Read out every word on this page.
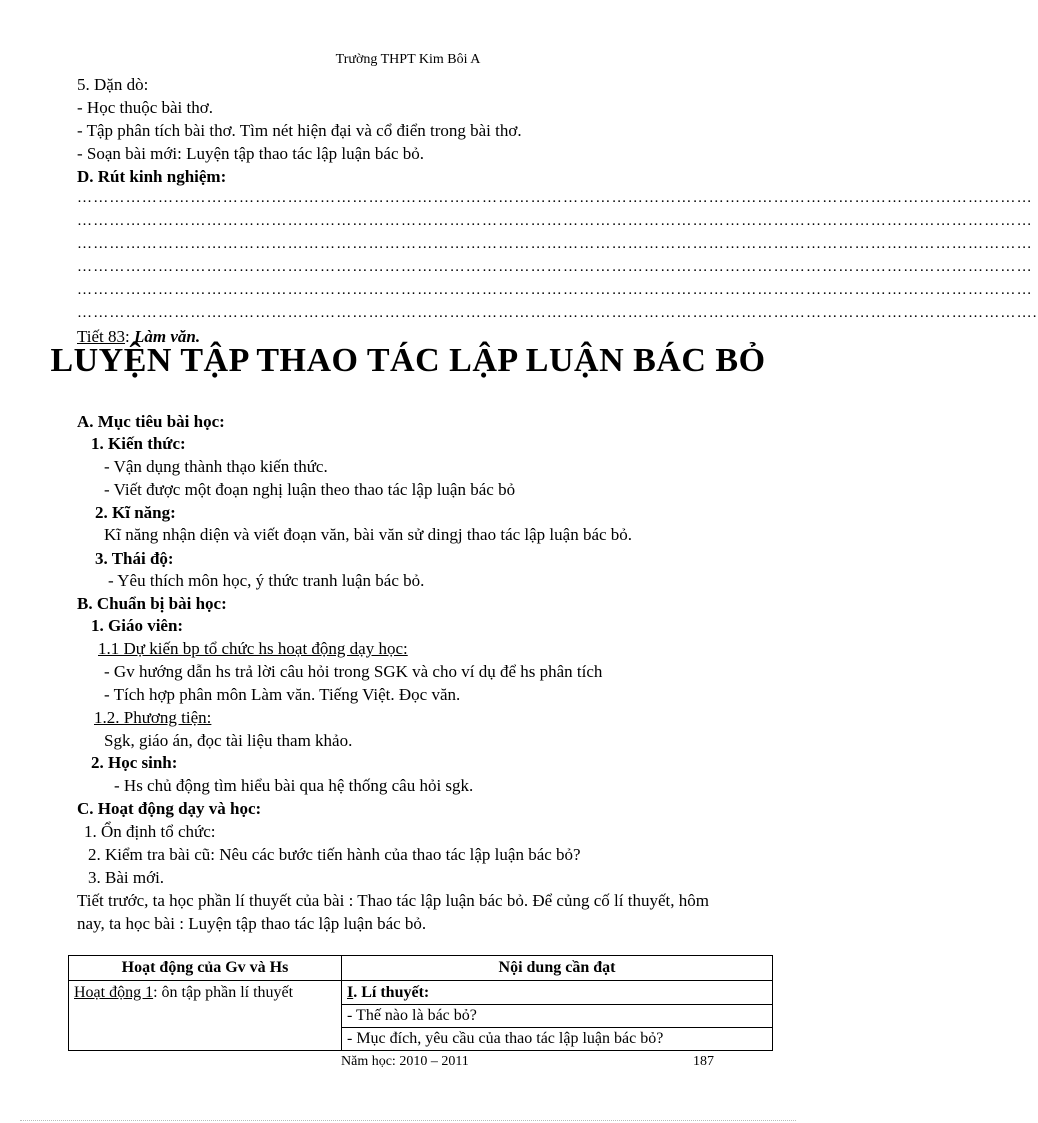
Trường THPT Kim Bôi A
5. Dặn dò:
- Học thuộc bài thơ.
- Tập phân tích bài thơ. Tìm nét hiện đại và cổ điển trong bài thơ.
- Soạn bài mới: Luyện tập thao tác lập luận bác bỏ.
D. Rút kinh nghiệm:
……………………………………………………………………………………………………………………………………………………………
……………………………………………………………………………………………………………………………………………………………
……………………………………………………………………………………………………………………………………………………………
……………………………………………………………………………………………………………………………………………………………
……………………………………………………………………………………………………………………………………………………………
…………………………………………………………………………………………………………………………………………………………….
Tiết 83: Làm văn.
LUYỆN TẬP THAO TÁC LẬP LUẬN BÁC BỎ
A. Mục tiêu bài học:
1. Kiến thức:
- Vận dụng thành thạo kiến thức.
- Viết được một đoạn nghị luận theo thao tác lập luận bác bỏ
2. Kĩ năng:
Kĩ năng nhận diện và viết đoạn văn, bài văn sử dingj thao tác lập luận bác bỏ.
3. Thái độ:
- Yêu thích môn học, ý thức tranh luận bác bỏ.
B. Chuẩn bị bài học:
1. Giáo viên:
1.1 Dự kiến bp tổ chức hs hoạt động dạy học:
- Gv hướng dẫn hs trả lời câu hỏi trong SGK và cho ví dụ để hs phân tích
- Tích hợp phân môn Làm văn. Tiếng Việt. Đọc văn.
1.2. Phương tiện:
Sgk, giáo án, đọc tài liệu tham khảo.
2. Học sinh:
- Hs chủ động tìm hiểu bài qua hệ thống câu hỏi sgk.
C. Hoạt động dạy và học:
1. Ổn định tổ chức:
2. Kiểm tra bài cũ: Nêu các bước tiến hành của thao tác lập luận bác bỏ?
3. Bài mới.
Tiết trước, ta học phần lí thuyết của bài : Thao tác lập luận bác bỏ. Để củng cố lí thuyết, hôm
nay, ta học bài : Luyện tập thao tác lập luận bác bỏ.
Hoạt động của Gv và Hs	Nội dung cần đạt
Hoạt động 1: ôn tập phần lí thuyết	I. Lí thuyết:
- Thế nào là bác bỏ?
- Mục đích, yêu cầu của thao tác lập luận bác bỏ?
Năm học: 2010 – 2011	187
